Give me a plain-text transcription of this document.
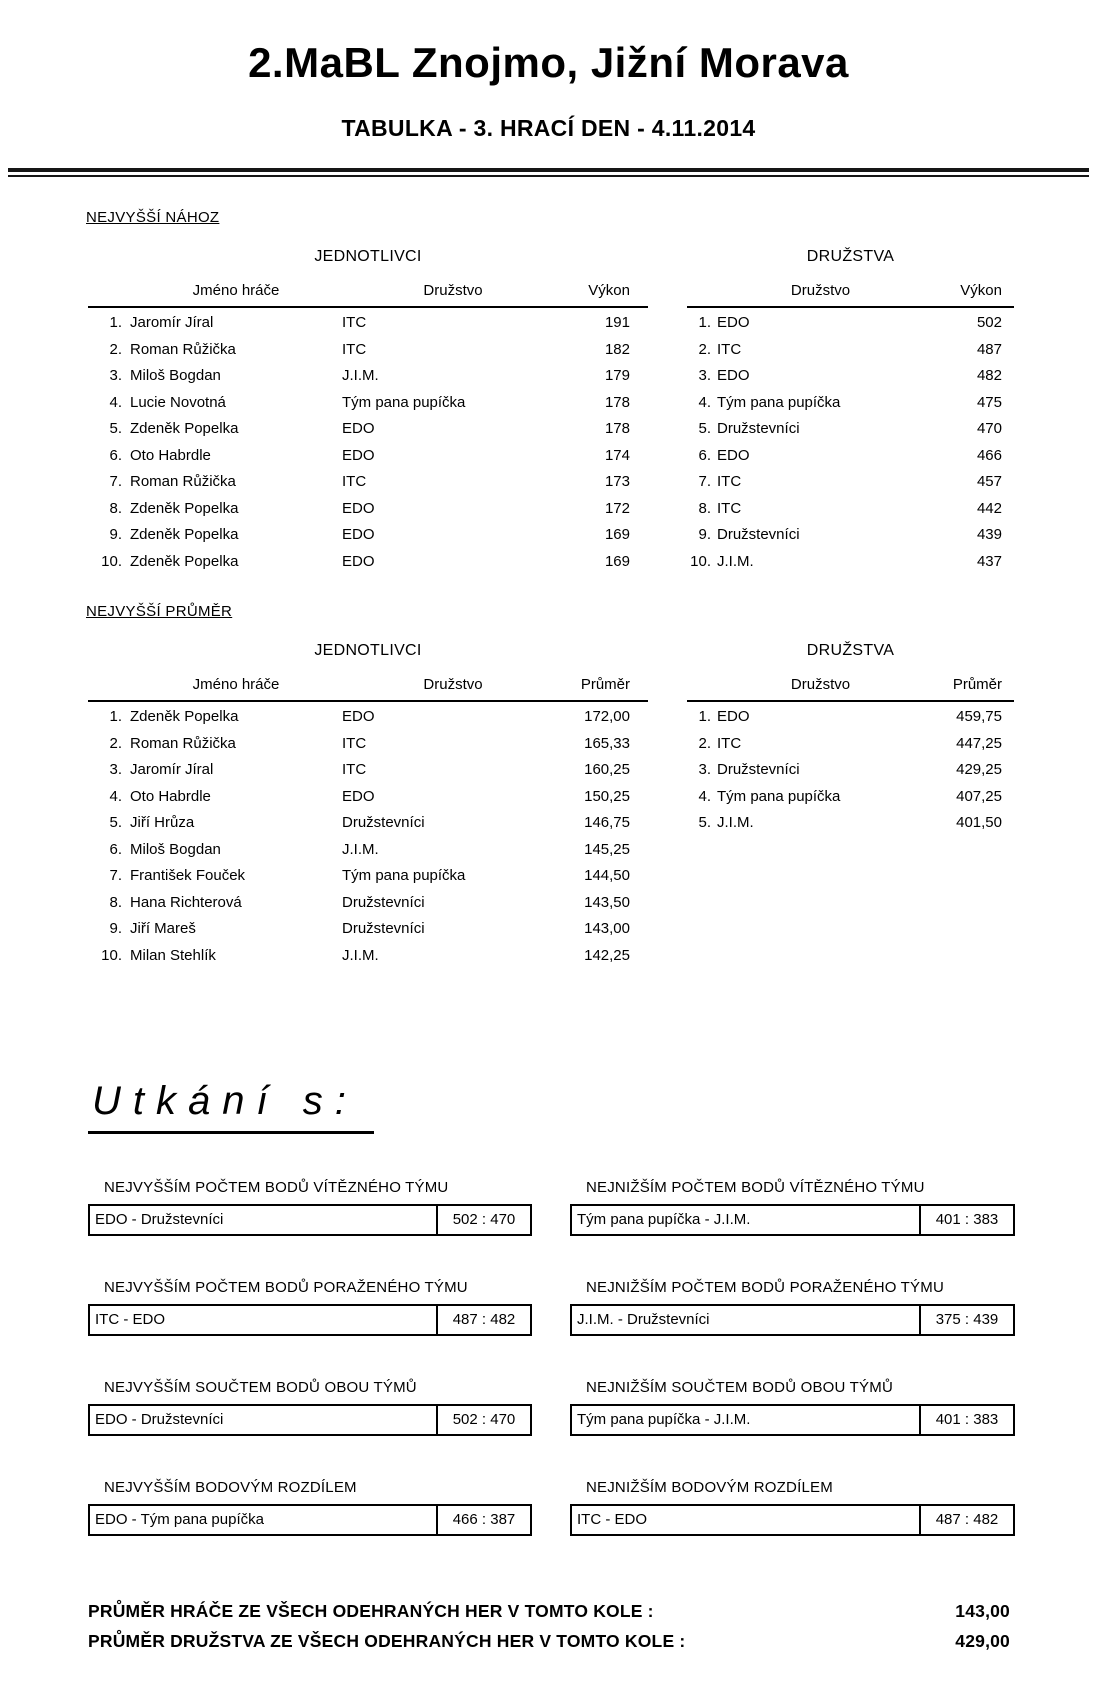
2.MaBL Znojmo, Jižní Morava
TABULKA - 3. HRACÍ DEN - 4.11.2014
NEJVYŠŠÍ NÁHOZ
JEDNOTLIVCI
Jméno hráče	Družstvo	Výkon
1. Jaromír Jíral	ITC	191
2. Roman Růžička	ITC	182
3. Miloš Bogdan	J.I.M.	179
4. Lucie Novotná	Tým pana pupíčka	178
5. Zdeněk Popelka	EDO	178
6. Oto Habrdle	EDO	174
7. Roman Růžička	ITC	173
8. Zdeněk Popelka	EDO	172
9. Zdeněk Popelka	EDO	169
10. Zdeněk Popelka	EDO	169
DRUŽSTVA
Družstvo	Výkon
1. EDO	502
2. ITC	487
3. EDO	482
4. Tým pana pupíčka	475
5. Družstevníci	470
6. EDO	466
7. ITC	457
8. ITC	442
9. Družstevníci	439
10. J.I.M.	437
NEJVYŠŠÍ PRŮMĚR
JEDNOTLIVCI
Jméno hráče	Družstvo	Průměr
1. Zdeněk Popelka	EDO	172,00
2. Roman Růžička	ITC	165,33
3. Jaromír Jíral	ITC	160,25
4. Oto Habrdle	EDO	150,25
5. Jiří Hrůza	Družstevníci	146,75
6. Miloš Bogdan	J.I.M.	145,25
7. František Fouček	Tým pana pupíčka	144,50
8. Hana Richterová	Družstevníci	143,50
9. Jiří Mareš	Družstevníci	143,00
10. Milan Stehlík	J.I.M.	142,25
DRUŽSTVA
Družstvo	Průměr
1. EDO	459,75
2. ITC	447,25
3. Družstevníci	429,25
4. Tým pana pupíčka	407,25
5. J.I.M.	401,50
Utkání s:
NEJVYŠŠÍM POČTEM BODŮ VÍTĚZNÉHO TÝMU
EDO - Družstevníci	502 : 470
NEJNIŽŠÍM POČTEM BODŮ VÍTĚZNÉHO TÝMU
Tým pana pupíčka - J.I.M.	401 : 383
NEJVYŠŠÍM POČTEM BODŮ PORAŽENÉHO TÝMU
ITC - EDO	487 : 482
NEJNIŽŠÍM POČTEM BODŮ PORAŽENÉHO TÝMU
J.I.M. - Družstevníci	375 : 439
NEJVYŠŠÍM SOUČTEM BODŮ OBOU TÝMŮ
EDO - Družstevníci	502 : 470
NEJNIŽŠÍM SOUČTEM BODŮ OBOU TÝMŮ
Tým pana pupíčka - J.I.M.	401 : 383
NEJVYŠŠÍM BODOVÝM ROZDÍLEM
EDO - Tým pana pupíčka	466 : 387
NEJNIŽŠÍM BODOVÝM ROZDÍLEM
ITC - EDO	487 : 482
PRŮMĚR HRÁČE ZE VŠECH ODEHRANÝCH HER V TOMTO KOLE :	143,00
PRŮMĚR DRUŽSTVA ZE VŠECH ODEHRANÝCH HER V TOMTO KOLE :	429,00
